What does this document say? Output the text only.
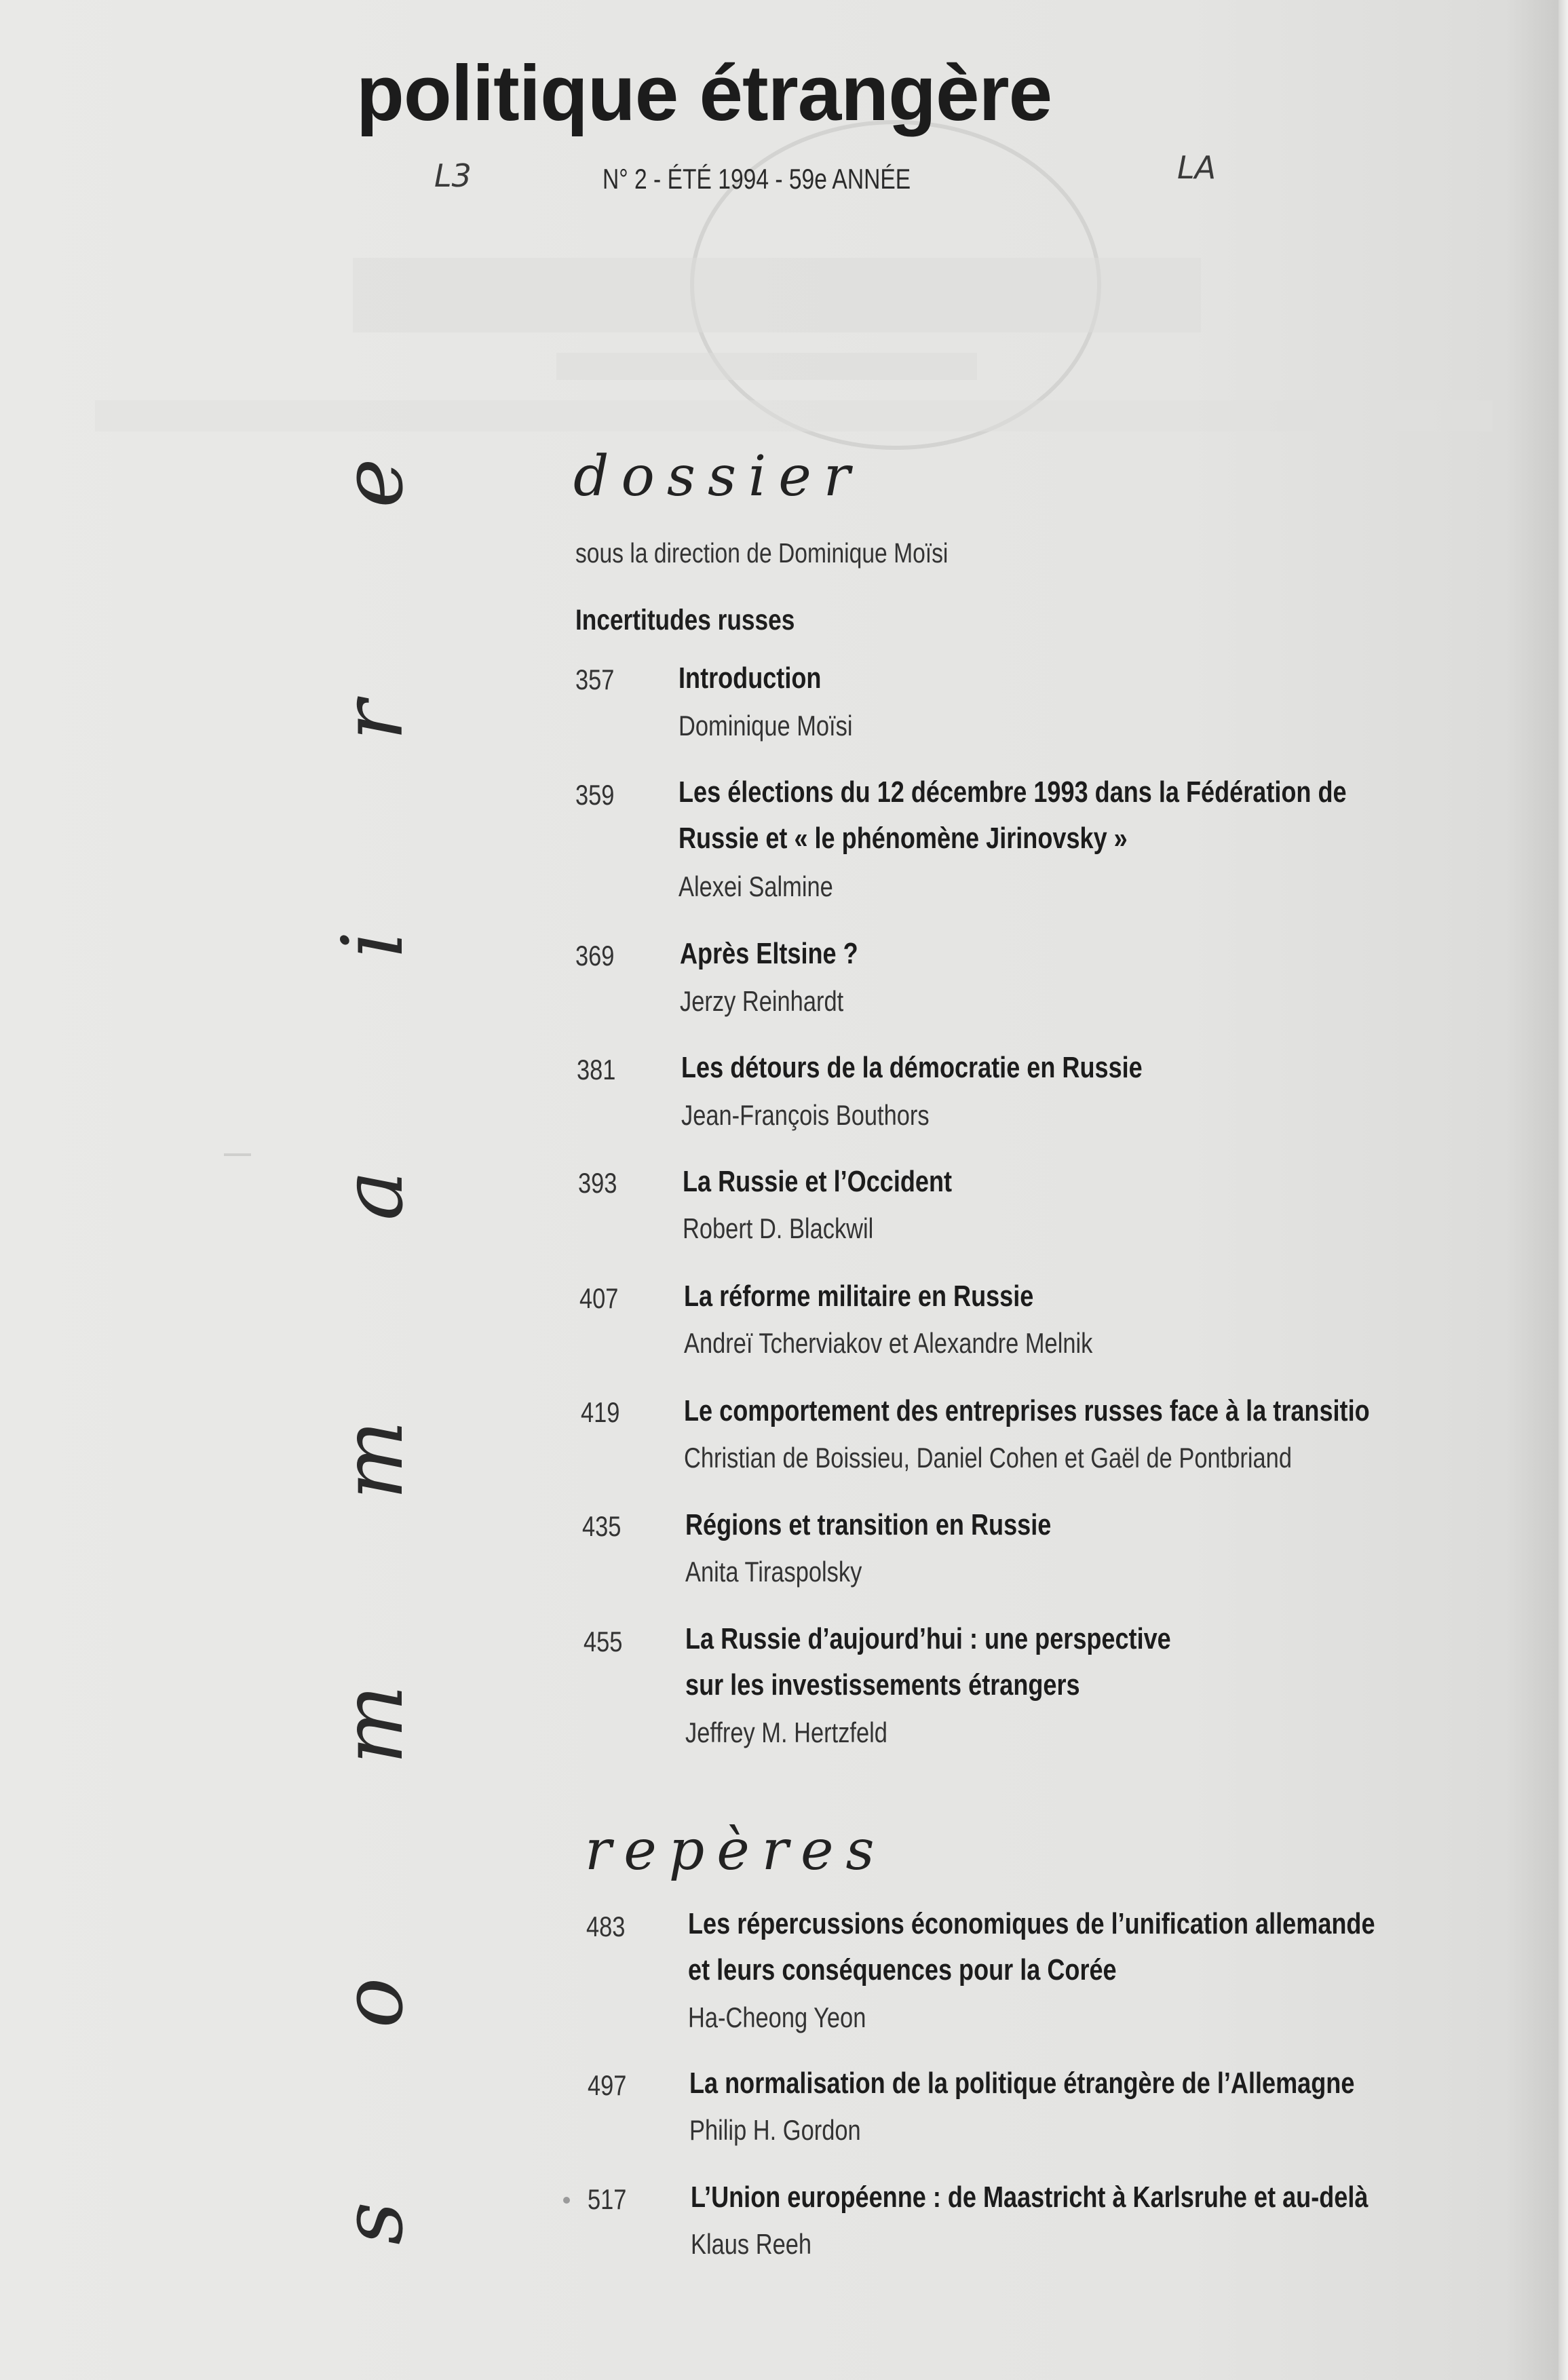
politique étrangère
L3	N° 2 - ÉTÉ 1994 - 59e ANNÉE	LA
s
o
m
m
a
i
r
e	dossier
sous la direction de Dominique Moïsi
Incertitudes russes
357 Introduction
Dominique Moïsi
359 Les élections du 12 décembre 1993 dans la Fédération de
Russie et « le phénomène Jirinovsky »
Alexei Salmine
369 Après Eltsine ?
Jerzy Reinhardt
381 Les détours de la démocratie en Russie
Jean-François Bouthors
393 La Russie et l’Occident
Robert D. Blackwil
407 La réforme militaire en Russie
Andreï Tcherviakov et Alexandre Melnik
419 Le comportement des entreprises russes face à la transitio
Christian de Boissieu, Daniel Cohen et Gaël de Pontbriand
435 Régions et transition en Russie
Anita Tiraspolsky
455 La Russie d’aujourd’hui : une perspective
sur les investissements étrangers
Jeffrey M. Hertzfeld
repères
483 Les répercussions économiques de l’unification allemande
et leurs conséquences pour la Corée
Ha-Cheong Yeon
497 La normalisation de la politique étrangère de l’Allemagne
Philip H. Gordon
517 L’Union européenne : de Maastricht à Karlsruhe et au-delà
Klaus Reeh
